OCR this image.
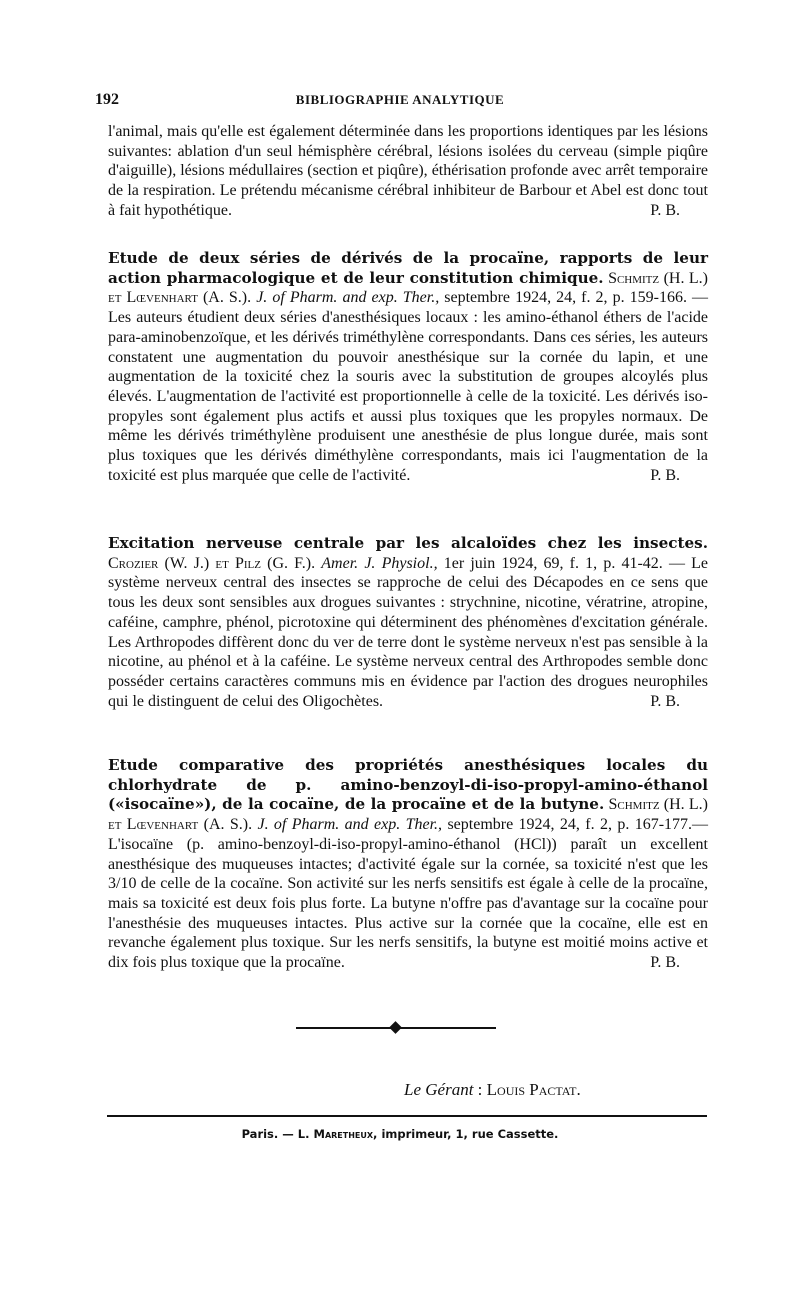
192	BIBLIOGRAPHIE ANALYTIQUE

l'animal, mais qu'elle est également déterminée dans les proportions identiques par les lésions suivantes: ablation d'un seul hémisphère cérébral, lésions isolées du cerveau (simple piqûre d'aiguille), lésions médullaires (section et piqûre), éthérisation profonde avec arrêt temporaire de la respiration. Le prétendu mécanisme cérébral inhibiteur de Barbour et Abel est donc tout à fait hypothétique.	P. B.

Etude de deux séries de dérivés de la procaïne, rapports de leur action pharmacologique et de leur constitution chimique. Schmitz (H. L.) et Lœvenhart (A. S.). J. of Pharm. and exp. Ther., septembre 1924, 24, f. 2, p. 159-166. — Les auteurs étudient deux séries d'anesthésiques locaux : les amino-éthanol éthers de l'acide para-aminobenzoïque, et les dérivés triméthylène correspondants. Dans ces séries, les auteurs constatent une augmentation du pouvoir anesthésique sur la cornée du lapin, et une augmentation de la toxicité chez la souris avec la substitution de groupes alcoylés plus élevés. L'augmentation de l'activité est proportionnelle à celle de la toxicité. Les dérivés iso-propyles sont également plus actifs et aussi plus toxiques que les propyles normaux. De même les dérivés triméthylène produisent une anesthésie de plus longue durée, mais sont plus toxiques que les dérivés diméthylène correspondants, mais ici l'augmentation de la toxicité est plus marquée que celle de l'activité.	P. B.

Excitation nerveuse centrale par les alcaloïdes chez les insectes. Crozier (W. J.) et Pilz (G. F.). Amer. J. Physiol., 1er juin 1924, 69, f. 1, p. 41-42. — Le système nerveux central des insectes se rapproche de celui des Décapodes en ce sens que tous les deux sont sensibles aux drogues suivantes : strychnine, nicotine, vératrine, atropine, caféine, camphre, phénol, picrotoxine qui déterminent des phénomènes d'excitation générale. Les Arthropodes diffèrent donc du ver de terre dont le système nerveux n'est pas sensible à la nicotine, au phénol et à la caféine. Le système nerveux central des Arthropodes semble donc posséder certains caractères communs mis en évidence par l'action des drogues neurophiles qui le distinguent de celui des Oligochètes.	P. B.

Etude comparative des propriétés anesthésiques locales du chlorhydrate de p. amino-benzoyl-di-iso-propyl-amino-éthanol («isocaïne»), de la cocaïne, de la procaïne et de la butyne. Schmitz (H. L.) et Lœvenhart (A. S.). J. of Pharm. and exp. Ther., septembre 1924, 24, f. 2, p. 167-177.— L'isocaïne (p. amino-benzoyl-di-iso-propyl-amino-éthanol (HCl)) paraît un excellent anesthésique des muqueuses intactes; d'activité égale sur la cornée, sa toxicité n'est que les 3/10 de celle de la cocaïne. Son activité sur les nerfs sensitifs est égale à celle de la procaïne, mais sa toxicité est deux fois plus forte. La butyne n'offre pas d'avantage sur la cocaïne pour l'anesthésie des muqueuses intactes. Plus active sur la cornée que la cocaïne, elle est en revanche également plus toxique. Sur les nerfs sensitifs, la butyne est moitié moins active et dix fois plus toxique que la procaïne.	P. B.

Le Gérant : Louis Pactat.
Paris. — L. Maretheux, imprimeur, 1, rue Cassette.
